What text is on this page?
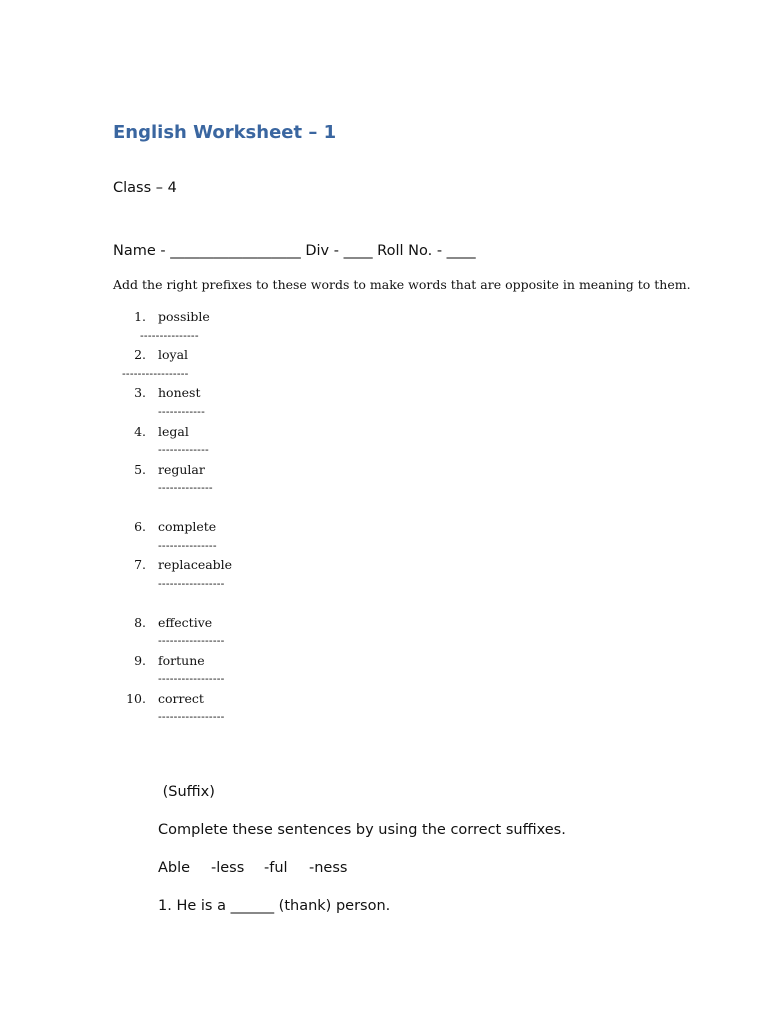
English Worksheet – 1
Class – 4
Name - __________________ Div - ____ Roll No. - ____
Add the right prefixes to these words to make words that are opposite in meaning to them.
1. possible
---------------
2. loyal
-----------------
3. honest
------------
4. legal
-------------
5. regular
--------------
6. complete
---------------
7. replaceable
-----------------
8. effective
-----------------
9. fortune
-----------------
10. correct
-----------------
(Suffix)
Complete these sentences by using the correct suffixes.
Able -less -ful -ness
1. He is a ______ (thank) person.
